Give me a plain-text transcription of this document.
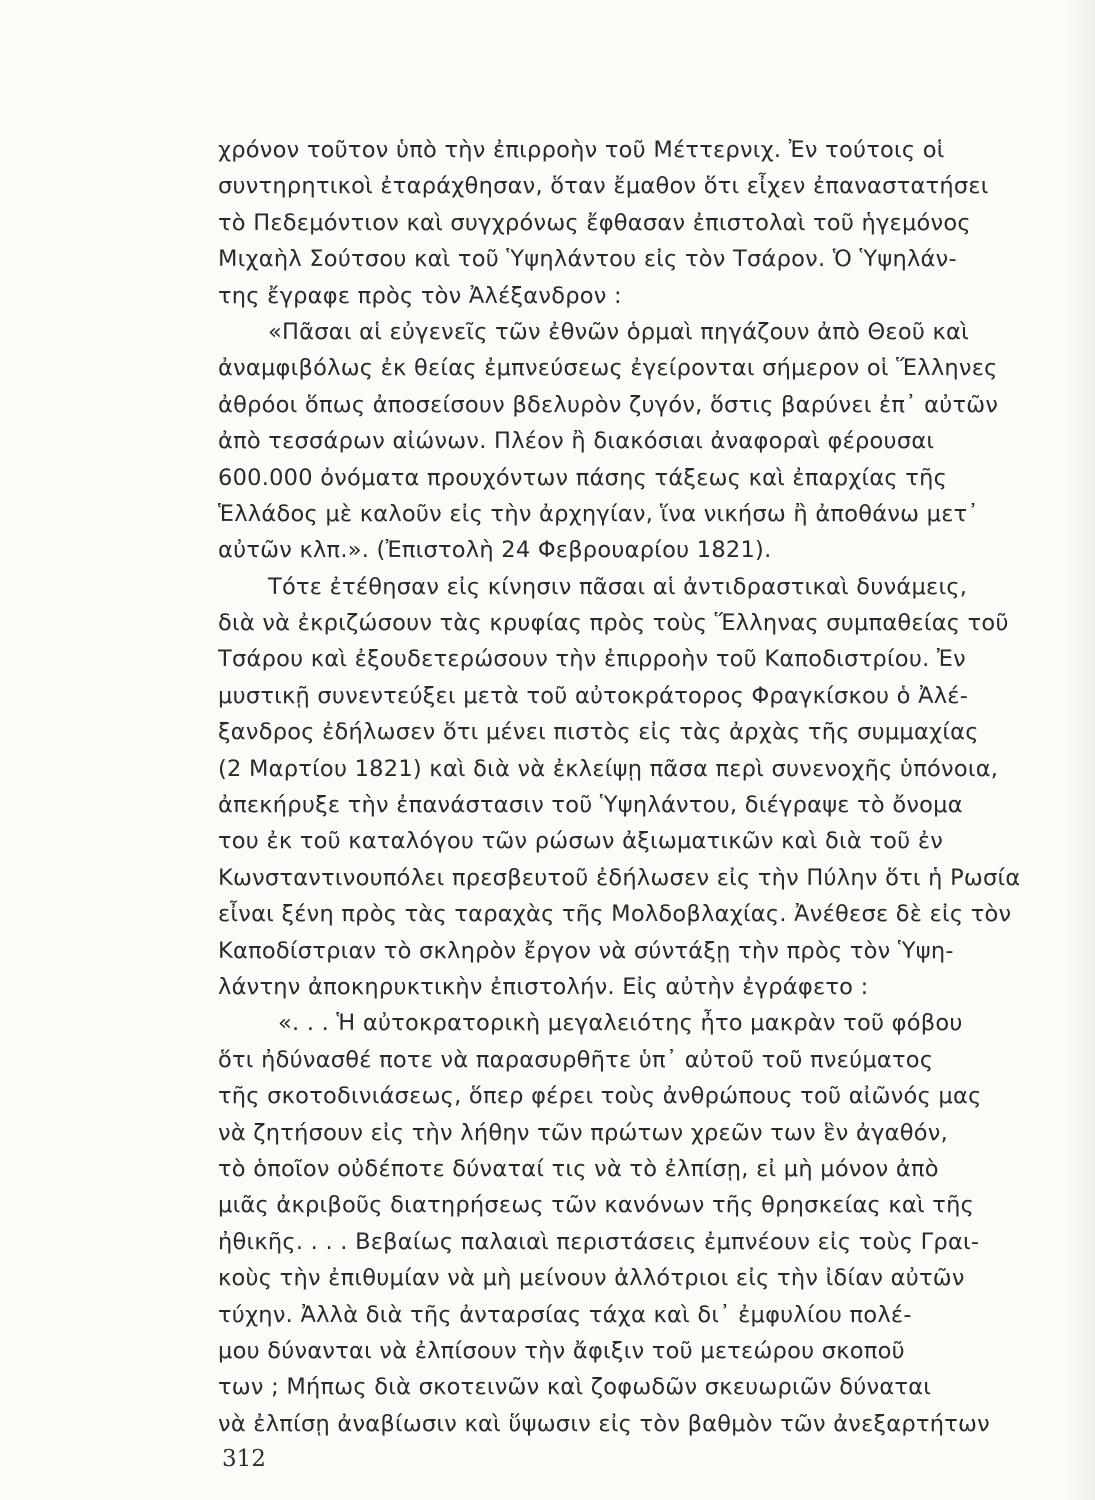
χρόνον τοῦτον ὑπὸ τὴν ἐπιρροὴν τοῦ Μέττερνιχ. Ἐν τούτοις οἱ
συντηρητικοὶ ἐταράχθησαν, ὅταν ἔμαθον ὅτι εἶχεν ἐπαναστατήσει
τὸ Πεδεμόντιον καὶ συγχρόνως ἔφθασαν ἐπιστολαὶ τοῦ ἡγεμόνος
Μιχαὴλ Σούτσου καὶ τοῦ Ὑψηλάντου εἰς τὸν Τσάρον. Ὁ Ὑψηλάν-
της ἔγραφε πρὸς τὸν Ἀλέξανδρον :
«Πᾶσαι αἱ εὐγενεῖς τῶν ἐθνῶν ὁρμαὶ πηγάζουν ἀπὸ Θεοῦ καὶ
ἀναμφιβόλως ἐκ θείας ἐμπνεύσεως ἐγείρονται σήμερον οἱ Ἕλληνες
ἀθρόοι ὅπως ἀποσείσουν βδελυρὸν ζυγόν, ὅστις βαρύνει ἐπ᾽ αὐτῶν
ἀπὸ τεσσάρων αἰώνων. Πλέον ἢ διακόσιαι ἀναφοραὶ φέρουσαι
600.000 ὀνόματα προυχόντων πάσης τάξεως καὶ ἐπαρχίας τῆς
Ἑλλάδος μὲ καλοῦν εἰς τὴν ἀρχηγίαν, ἵνα νικήσω ἢ ἀποθάνω μετ᾽
αὐτῶν κλπ.». (Ἐπιστολὴ 24 Φεβρουαρίου 1821).
Τότε ἐτέθησαν εἰς κίνησιν πᾶσαι αἱ ἀντιδραστικαὶ δυνάμεις,
διὰ νὰ ἐκριζώσουν τὰς κρυφίας πρὸς τοὺς Ἕλληνας συμπαθείας τοῦ
Τσάρου καὶ ἐξουδετερώσουν τὴν ἐπιρροὴν τοῦ Καποδιστρίου. Ἐν
μυστικῇ συνεντεύξει μετὰ τοῦ αὐτοκράτορος Φραγκίσκου ὁ Ἀλέ-
ξανδρος ἐδήλωσεν ὅτι μένει πιστὸς εἰς τὰς ἀρχὰς τῆς συμμαχίας
(2 Μαρτίου 1821) καὶ διὰ νὰ ἐκλείψῃ πᾶσα περὶ συνενοχῆς ὑπόνοια,
ἀπεκήρυξε τὴν ἐπανάστασιν τοῦ Ὑψηλάντου, διέγραψε τὸ ὄνομα
του ἐκ τοῦ καταλόγου τῶν ρώσων ἀξιωματικῶν καὶ διὰ τοῦ ἐν
Κωνσταντινουπόλει πρεσβευτοῦ ἐδήλωσεν εἰς τὴν Πύλην ὅτι ἡ Ρωσία
εἶναι ξένη πρὸς τὰς ταραχὰς τῆς Μολδοβλαχίας. Ἀνέθεσε δὲ εἰς τὸν
Καποδίστριαν τὸ σκληρὸν ἔργον νὰ σύντάξῃ τὴν πρὸς τὸν Ὑψη-
λάντην ἀποκηρυκτικὴν ἐπιστολήν. Εἰς αὐτὴν ἐγράφετο :
«. . . Ἡ αὐτοκρατορικὴ μεγαλειότης ἦτο μακρὰν τοῦ φόβου
ὅτι ἠδύνασθέ ποτε νὰ παρασυρθῆτε ὑπ᾽ αὐτοῦ τοῦ πνεύματος
τῆς σκοτοδινιάσεως, ὅπερ φέρει τοὺς ἀνθρώπους τοῦ αἰῶνός μας
νὰ ζητήσουν εἰς τὴν λήθην τῶν πρώτων χρεῶν των ἓν ἀγαθόν,
τὸ ὁποῖον οὐδέποτε δύναταί τις νὰ τὸ ἐλπίσῃ, εἰ μὴ μόνον ἀπὸ
μιᾶς ἀκριβοῦς διατηρήσεως τῶν κανόνων τῆς θρησκείας καὶ τῆς
ἠθικῆς. . . . Βεβαίως παλαιαὶ περιστάσεις ἐμπνέουν εἰς τοὺς Γραι-
κοὺς τὴν ἐπιθυμίαν νὰ μὴ μείνουν ἀλλότριοι εἰς τὴν ἰδίαν αὐτῶν
τύχην. Ἀλλὰ διὰ τῆς ἀνταρσίας τάχα καὶ δι᾽ ἐμφυλίου πολέ-
μου δύνανται νὰ ἐλπίσουν τὴν ἄφιξιν τοῦ μετεώρου σκοποῦ
των ; Μήπως διὰ σκοτεινῶν καὶ ζοφωδῶν σκευωριῶν δύναται
νὰ ἐλπίσῃ ἀναβίωσιν καὶ ὕψωσιν εἰς τὸν βαθμὸν τῶν ἀνεξαρτήτων
312
